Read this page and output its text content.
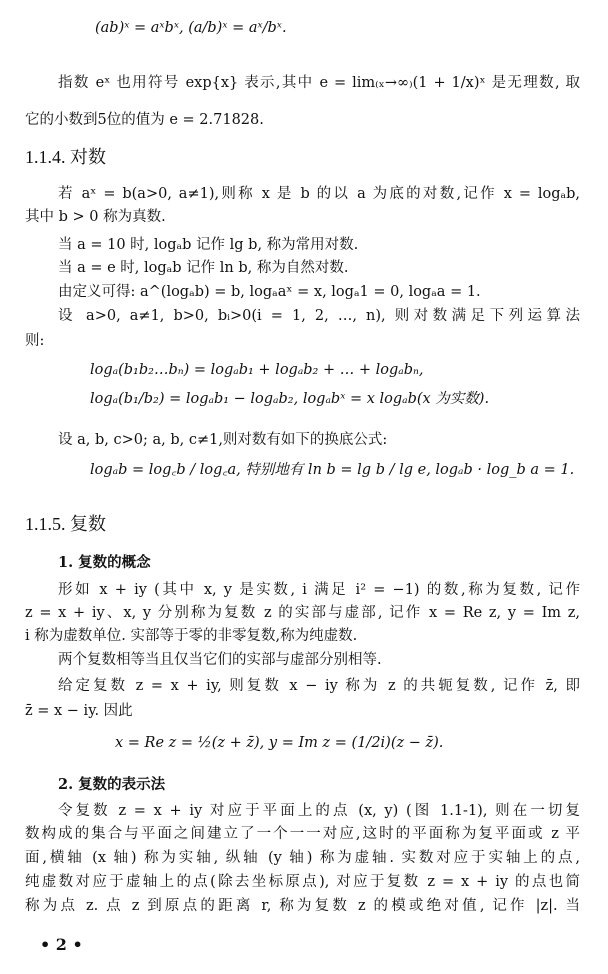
(ab)ˣ = aˣbˣ, (a/b)ˣ = aˣ/bˣ.
指数 eˣ 也用符号 exp{x} 表示,其中 e = lim₍ₓ→∞₎(1 + 1/x)ˣ 是无理数, 取
它的小数到5位的值为 e = 2.71828.
1.1.4. 对数
若 aˣ = b(a>0, a≠1),则称 x 是 b 的以 a 为底的对数,记作 x = logₐb,
其中 b > 0 称为真数.
当 a = 10 时, logₐb 记作 lg b, 称为常用对数.
当 a = e 时, logₐb 记作 ln b, 称为自然对数.
由定义可得: a^(logₐb) = b, logₐaˣ = x, logₐ1 = 0, logₐa = 1.
设 a>0, a≠1, b>0, bᵢ>0(i = 1, 2, …, n), 则对数满足下列运算法
则:
logₐ(b₁b₂…bₙ) = logₐb₁ + logₐb₂ + … + logₐbₙ,
logₐ(b₁/b₂) = logₐb₁ − logₐb₂, logₐbˣ = x logₐb(x 为实数).
设 a, b, c>0; a, b, c≠1,则对数有如下的换底公式:
logₐb = log꜀b / log꜀a, 特别地有 ln b = lg b / lg e, logₐb · log_b a = 1.
1.1.5. 复数
1. 复数的概念
形如 x + iy (其中 x, y 是实数, i 满足 i² = −1) 的数,称为复数, 记作
z = x + iy、x, y 分别称为复数 z 的实部与虚部, 记作 x = Re z, y = Im z,
i 称为虚数单位. 实部等于零的非零复数,称为纯虚数.
两个复数相等当且仅当它们的实部与虚部分别相等.
给定复数 z = x + iy, 则复数 x − iy 称为 z 的共轭复数, 记作 z̄, 即
z̄ = x − iy. 因此
x = Re z = ½(z + z̄), y = Im z = (1/2i)(z − z̄).
2. 复数的表示法
令复数 z = x + iy 对应于平面上的点 (x, y) (图 1.1-1), 则在一切复
数构成的集合与平面之间建立了一个一一对应,这时的平面称为复平面或 z 平
面,横轴 (x 轴) 称为实轴, 纵轴 (y 轴) 称为虚轴. 实数对应于实轴上的点,
纯虚数对应于虚轴上的点(除去坐标原点), 对应于复数 z = x + iy 的点也简
称为点 z. 点 z 到原点的距离 r, 称为复数 z 的模或绝对值, 记作 |z|. 当
• 2 •
